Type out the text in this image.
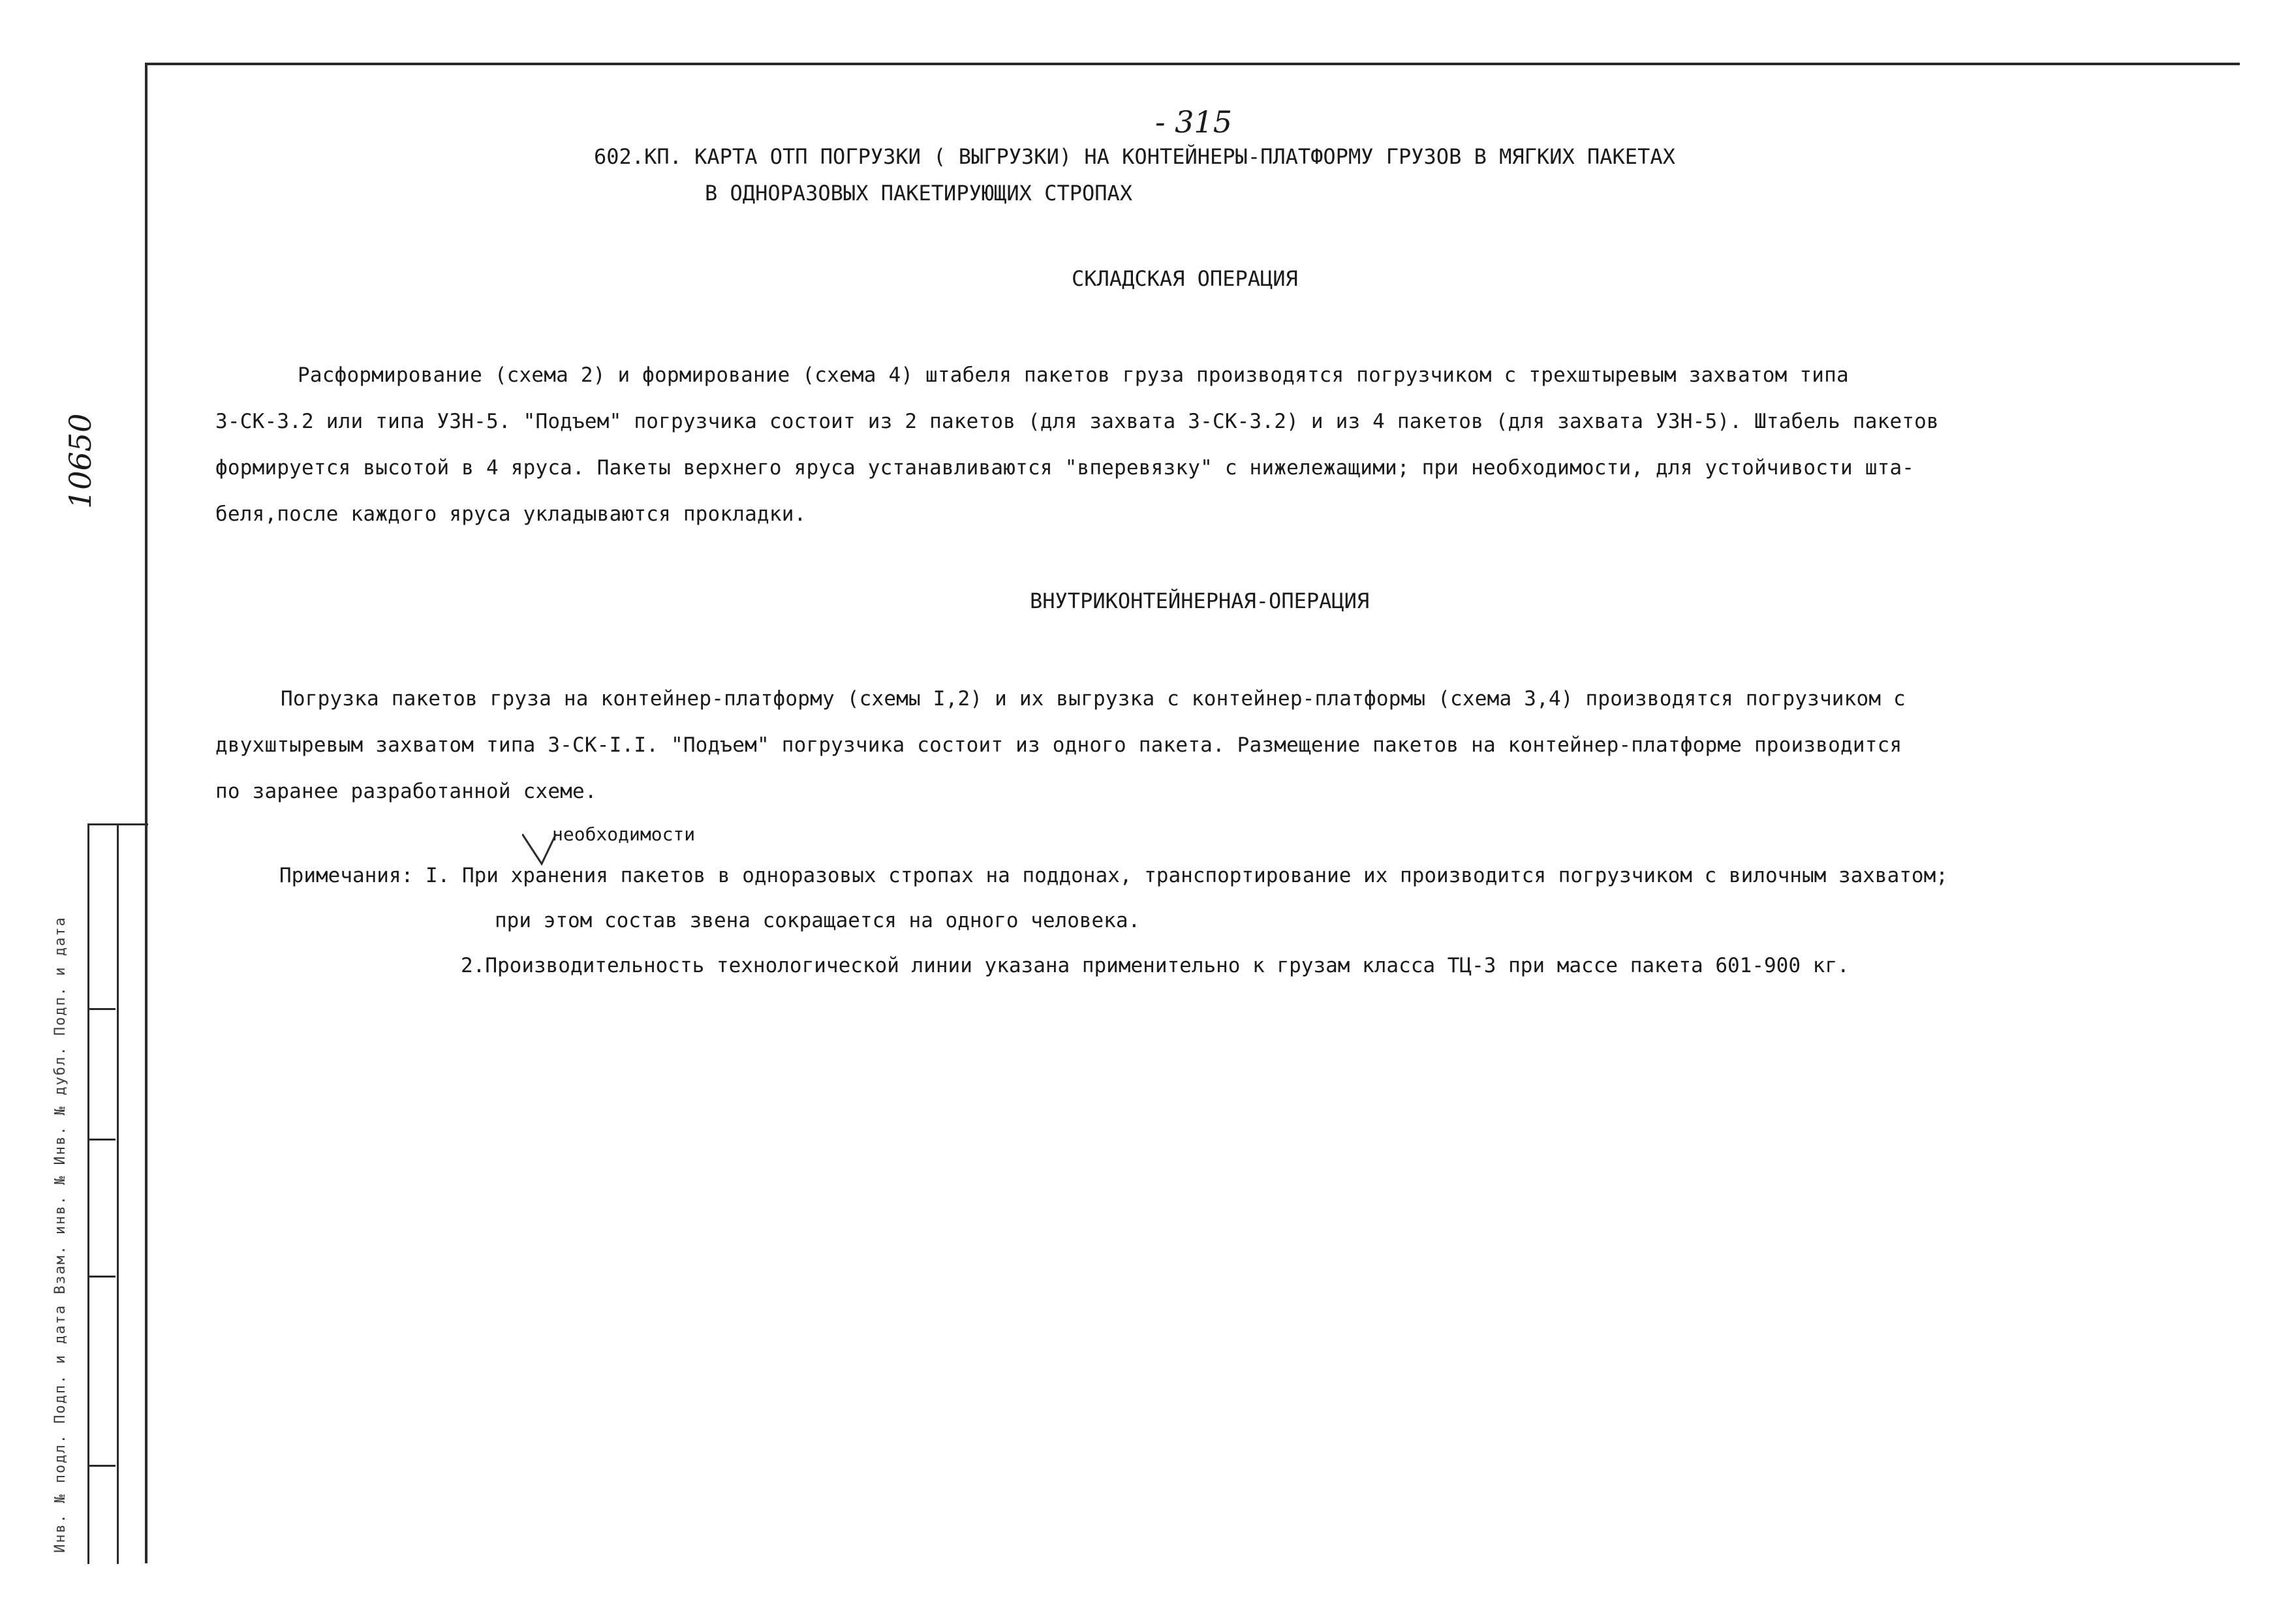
Инв. № подл. Подп. и дата Взам. инв. № Инв. № дубл. Подп. и дата
10650
- 315
602.КП. КАРТА ОТП ПОГРУЗКИ ( ВЫГРУЗКИ) НА КОНТЕЙНЕРЫ-ПЛАТФОРМУ ГРУЗОВ В МЯГКИХ ПАКЕТАХ
В ОДНОРАЗОВЫХ ПАКЕТИРУЮЩИХ СТРОПАХ
СКЛАДСКАЯ ОПЕРАЦИЯ
Расформирование (схема 2) и формирование (схема 4) штабеля пакетов груза производятся погрузчиком с трехштыревым захватом типа
3-СК-3.2 или типа УЗН-5. "Подъем" погрузчика состоит из 2 пакетов (для захвата 3-СК-3.2) и из 4 пакетов (для захвата УЗН-5). Штабель пакетов
формируется высотой в 4 яруса. Пакеты верхнего яруса устанавливаются "вперевязку" с нижележащими; при необходимости, для устойчивости шта-
беля,после каждого яруса укладываются прокладки.
ВНУТРИКОНТЕЙНЕРНАЯ-ОПЕРАЦИЯ
Погрузка пакетов груза на контейнер-платформу (схемы I,2) и их выгрузка с контейнер-платформы (схема 3,4) производятся погрузчиком с
двухштыревым захватом типа 3-СК-I.I. "Подъем" погрузчика состоит из одного пакета. Размещение пакетов на контейнер-платформе производится
по заранее разработанной схеме.
необходимости
Примечания: I. При хранения пакетов в одноразовых стропах на поддонах, транспортирование их производится погрузчиком с вилочным захватом;
при этом состав звена сокращается на одного человека.
2.Производительность технологической линии указана применительно к грузам класса ТЦ-3 при массе пакета 601-900 кг.
